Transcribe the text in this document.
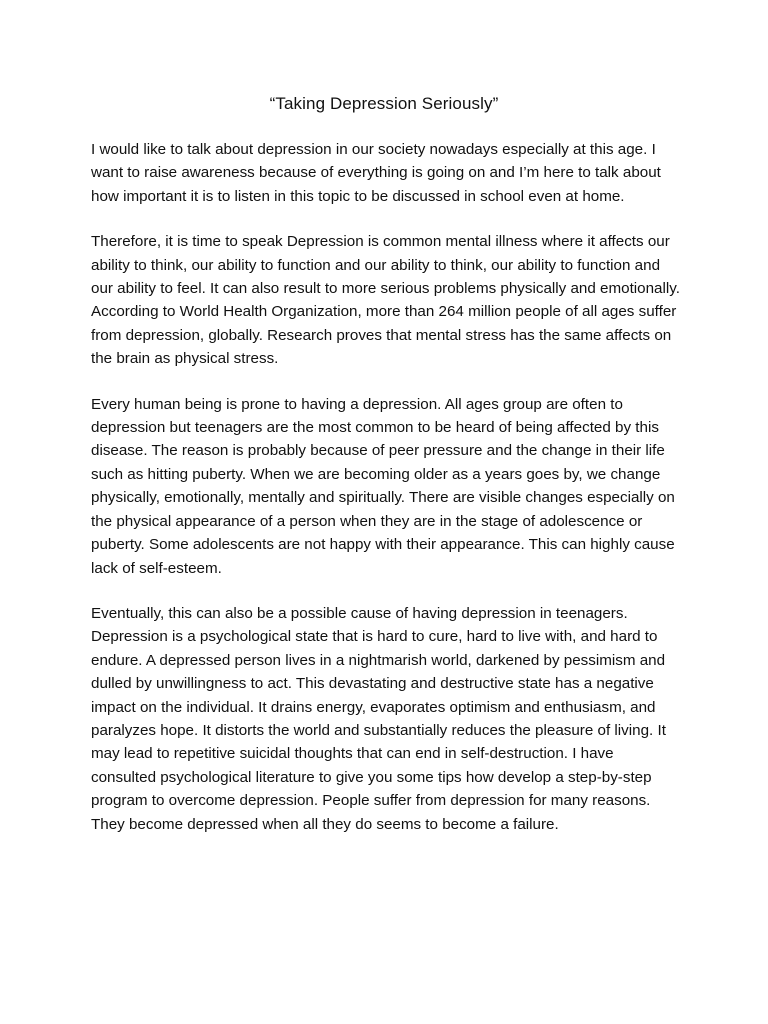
“Taking Depression Seriously”

I would like to talk about depression in our society nowadays especially at this age. I want to raise awareness because of everything is going on and I’m here to talk about how important it is to listen in this topic to be discussed in school even at home.

Therefore, it is time to speak Depression is common mental illness where it affects our ability to think, our ability to function and our ability to think, our ability to function and our ability to feel. It can also result to more serious problems physically and emotionally. According to World Health Organization, more than 264 million people of all ages suffer from depression, globally. Research proves that mental stress has the same affects on the brain as physical stress.

Every human being is prone to having a depression. All ages group are often to depression but teenagers are the most common to be heard of being affected by this disease. The reason is probably because of peer pressure and the change in their life such as hitting puberty. When we are becoming older as a years goes by, we change physically, emotionally, mentally and spiritually. There are visible changes especially on the physical appearance of a person when they are in the stage of adolescence or puberty. Some adolescents are not happy with their appearance. This can highly cause lack of self-esteem.

Eventually, this can also be a possible cause of having depression in teenagers. Depression is a psychological state that is hard to cure, hard to live with, and hard to endure. A depressed person lives in a nightmarish world, darkened by pessimism and dulled by unwillingness to act. This devastating and destructive state has a negative impact on the individual. It drains energy, evaporates optimism and enthusiasm, and paralyzes hope. It distorts the world and substantially reduces the pleasure of living. It may lead to repetitive suicidal thoughts that can end in self-destruction. I have consulted psychological literature to give you some tips how develop a step-by-step program to overcome depression. People suffer from depression for many reasons. They become depressed when all they do seems to become a failure.
